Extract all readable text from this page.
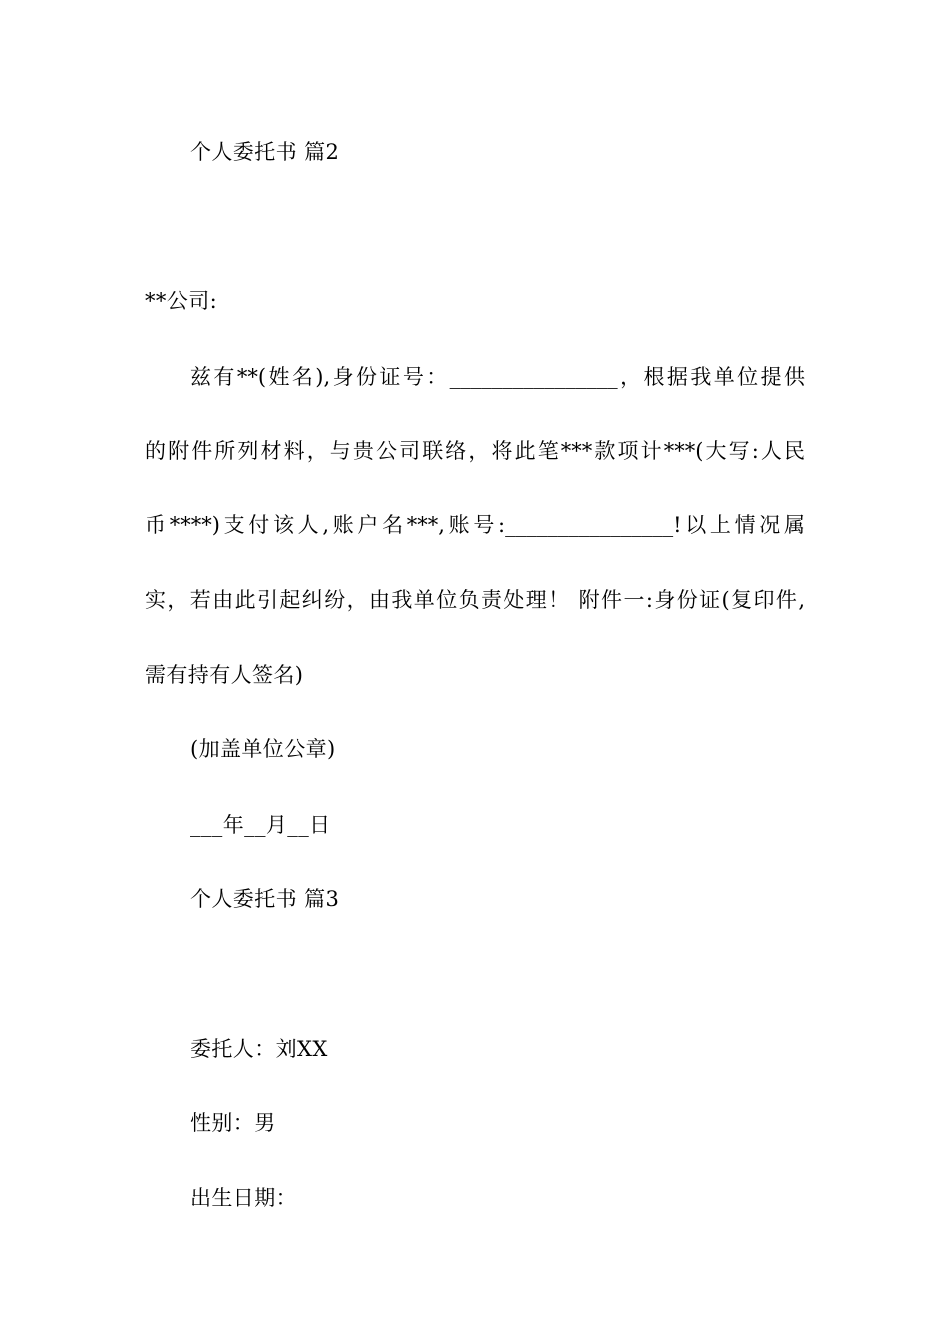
个人委托书 篇2
**公司:
兹有**(姓名),身份证号：________________，根据我单位提供
的附件所列材料，与贵公司联络，将此笔***款项计***(大写:人民
币****)支付该人,账户名***,账号:________________!以上情况属
实，若由此引起纠纷，由我单位负责处理！ 附件一:身份证(复印件,
需有持有人签名)
(加盖单位公章)
___年__月__日
个人委托书 篇3
委托人：刘XX
性别：男
出生日期：
